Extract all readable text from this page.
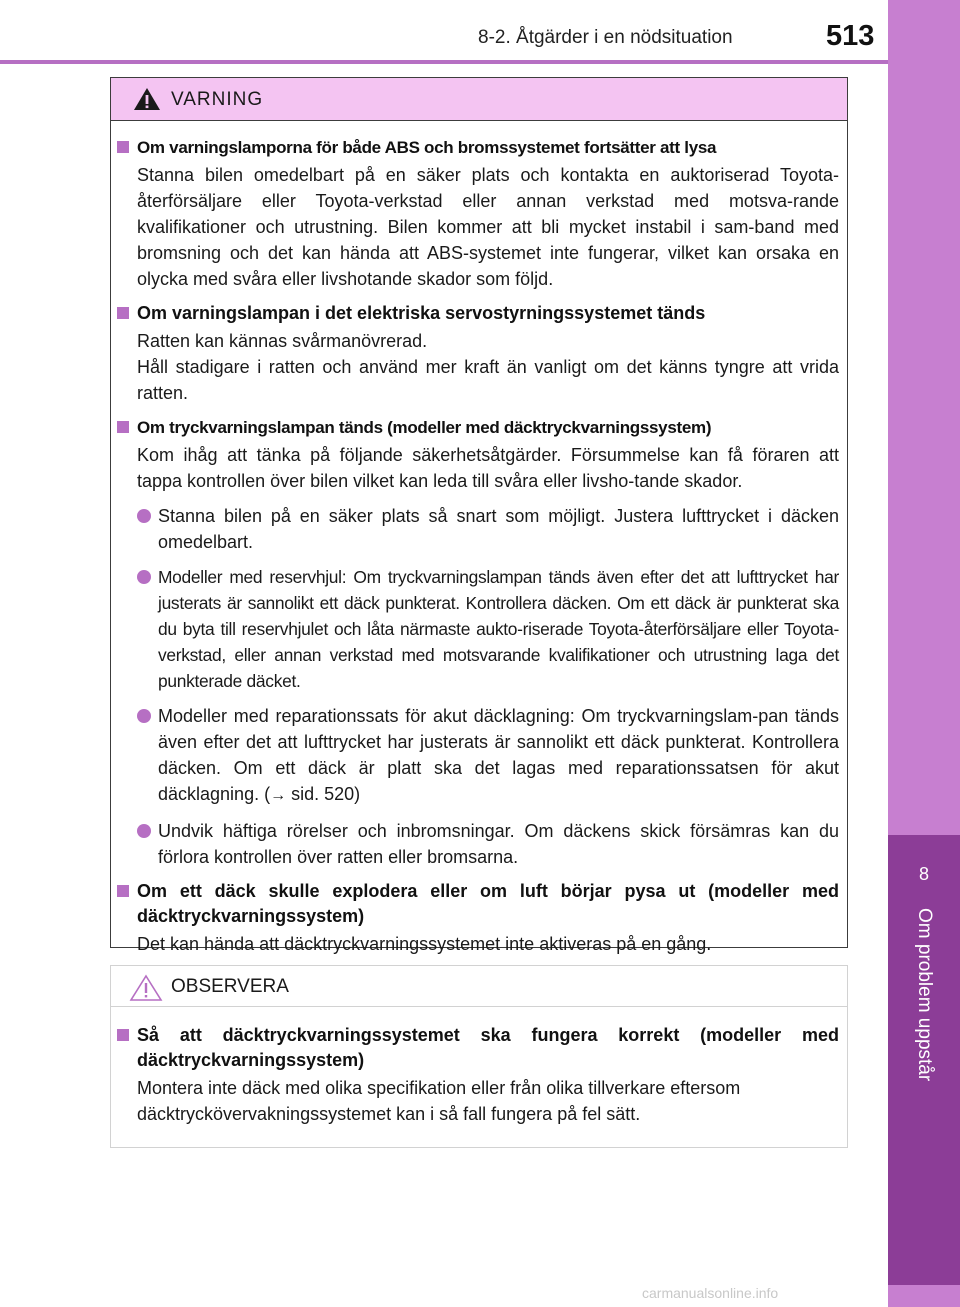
8-2. Åtgärder i en nödsituation	513
8
Om problem uppstår
VARNING
Om varningslamporna för både ABS och bromssystemet fortsätter att lysa
Stanna bilen omedelbart på en säker plats och kontakta en auktoriserad Toyota-återförsäljare eller Toyota-verkstad eller annan verkstad med motsva-rande kvalifikationer och utrustning. Bilen kommer att bli mycket instabil i sam-band med bromsning och det kan hända att ABS-systemet inte fungerar, vilket kan orsaka en olycka med svåra eller livshotande skador som följd.
Om varningslampan i det elektriska servostyrningssystemet tänds

Ratten kan kännas svårmanövrerad.

Håll stadigare i ratten och använd mer kraft än vanligt om det känns tyngre att vrida ratten.

Om tryckvarningslampan tänds (modeller med däcktryckvarningssystem)
Kom ihåg att tänka på följande säkerhetsåtgärder. Försummelse kan få föraren att tappa kontrollen över bilen vilket kan leda till svåra eller livsho-tande skador.
Stanna bilen på en säker plats så snart som möjligt. Justera lufttrycket i däcken omedelbart.
Modeller med reservhjul: Om tryckvarningslampan tänds även efter det att lufttrycket har justerats är sannolikt ett däck punkterat. Kontrollera däcken. Om ett däck är punkterat ska du byta till reservhjulet och låta närmaste aukto-riserade Toyota-återförsäljare eller Toyota-verkstad, eller annan verkstad med motsvarande kvalifikationer och utrustning laga det punkterade däcket.
Modeller med reparationssats för akut däcklagning: Om tryckvarningslam-pan tänds även efter det att lufttrycket har justerats är sannolikt ett däck punkterat. Kontrollera däcken. Om ett däck är platt ska det lagas med reparationssatsen för akut däcklagning. (→ sid. 520)
Undvik häftiga rörelser och inbromsningar. Om däckens skick försämras kan du förlora kontrollen över ratten eller bromsarna.
Om ett däck skulle explodera eller om luft börjar pysa ut (modeller med däcktryckvarningssystem)
Det kan hända att däcktryckvarningssystemet inte aktiveras på en gång.
OBSERVERA
Så att däcktryckvarningssystemet ska fungera korrekt (modeller med däcktryckvarningssystem)
Montera inte däck med olika specifikation eller från olika tillverkare eftersom däcktryckövervakningssystemet kan i så fall fungera på fel sätt.
carmanualsonline.info
